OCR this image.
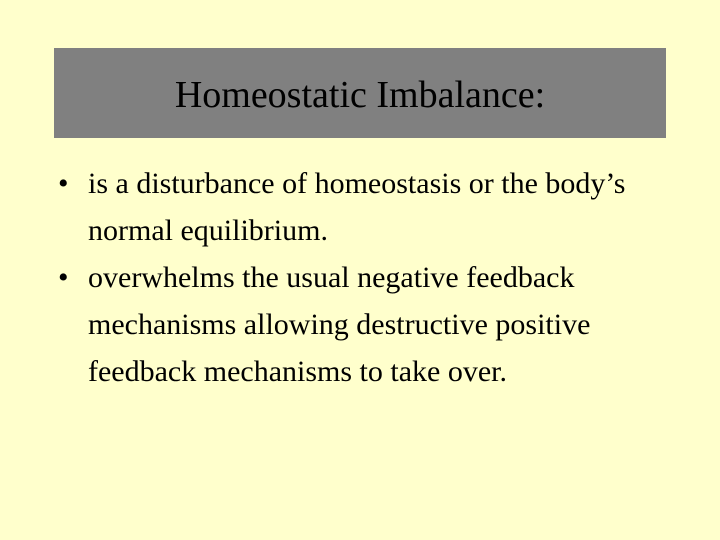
Homeostatic Imbalance:
• is a disturbance of homeostasis or the body’s normal equilibrium.
• overwhelms the usual negative feedback mechanisms allowing destructive positive feedback mechanisms to take over.
